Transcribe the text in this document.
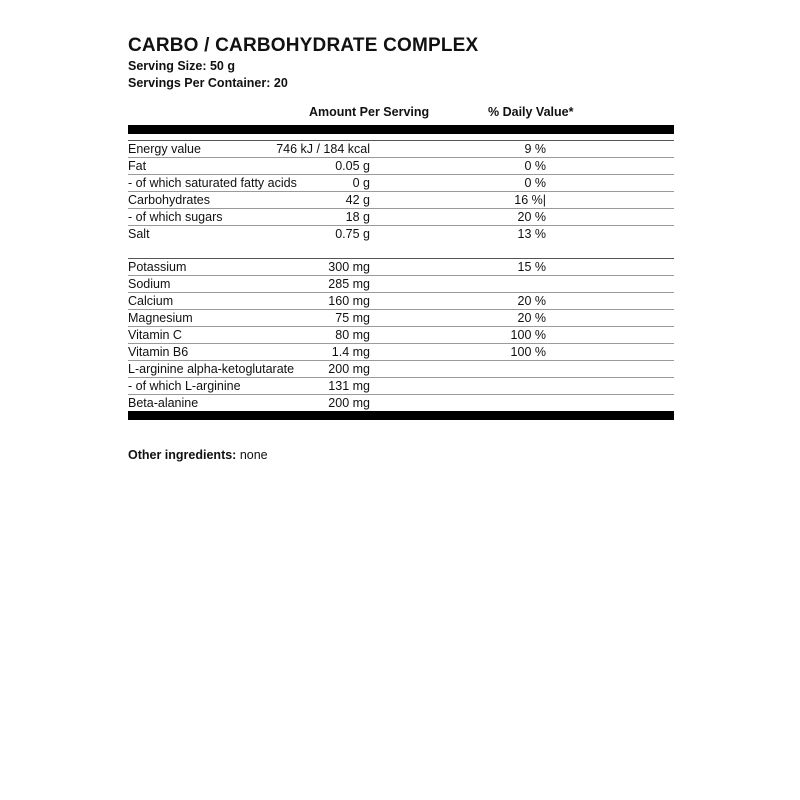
CARBO / CARBOHYDRATE COMPLEX
Serving Size: 50 g
Servings Per Container: 20
Amount Per Serving	% Daily Value*
Energy value	746 kJ / 184 kcal	9 %
Fat	0.05 g	0 %
- of which saturated fatty acids	0 g	0 %
Carbohydrates	42 g	16 %|
- of which sugars	18 g	20 %
Salt	0.75 g	13 %
Potassium	300 mg	15 %
Sodium	285 mg
Calcium	160 mg	20 %
Magnesium	75 mg	20 %
Vitamin C	80 mg	100 %
Vitamin B6	1.4 mg	100 %
L-arginine alpha-ketoglutarate	200 mg
- of which L-arginine	131 mg
Beta-alanine	200 mg
Other ingredients: none
